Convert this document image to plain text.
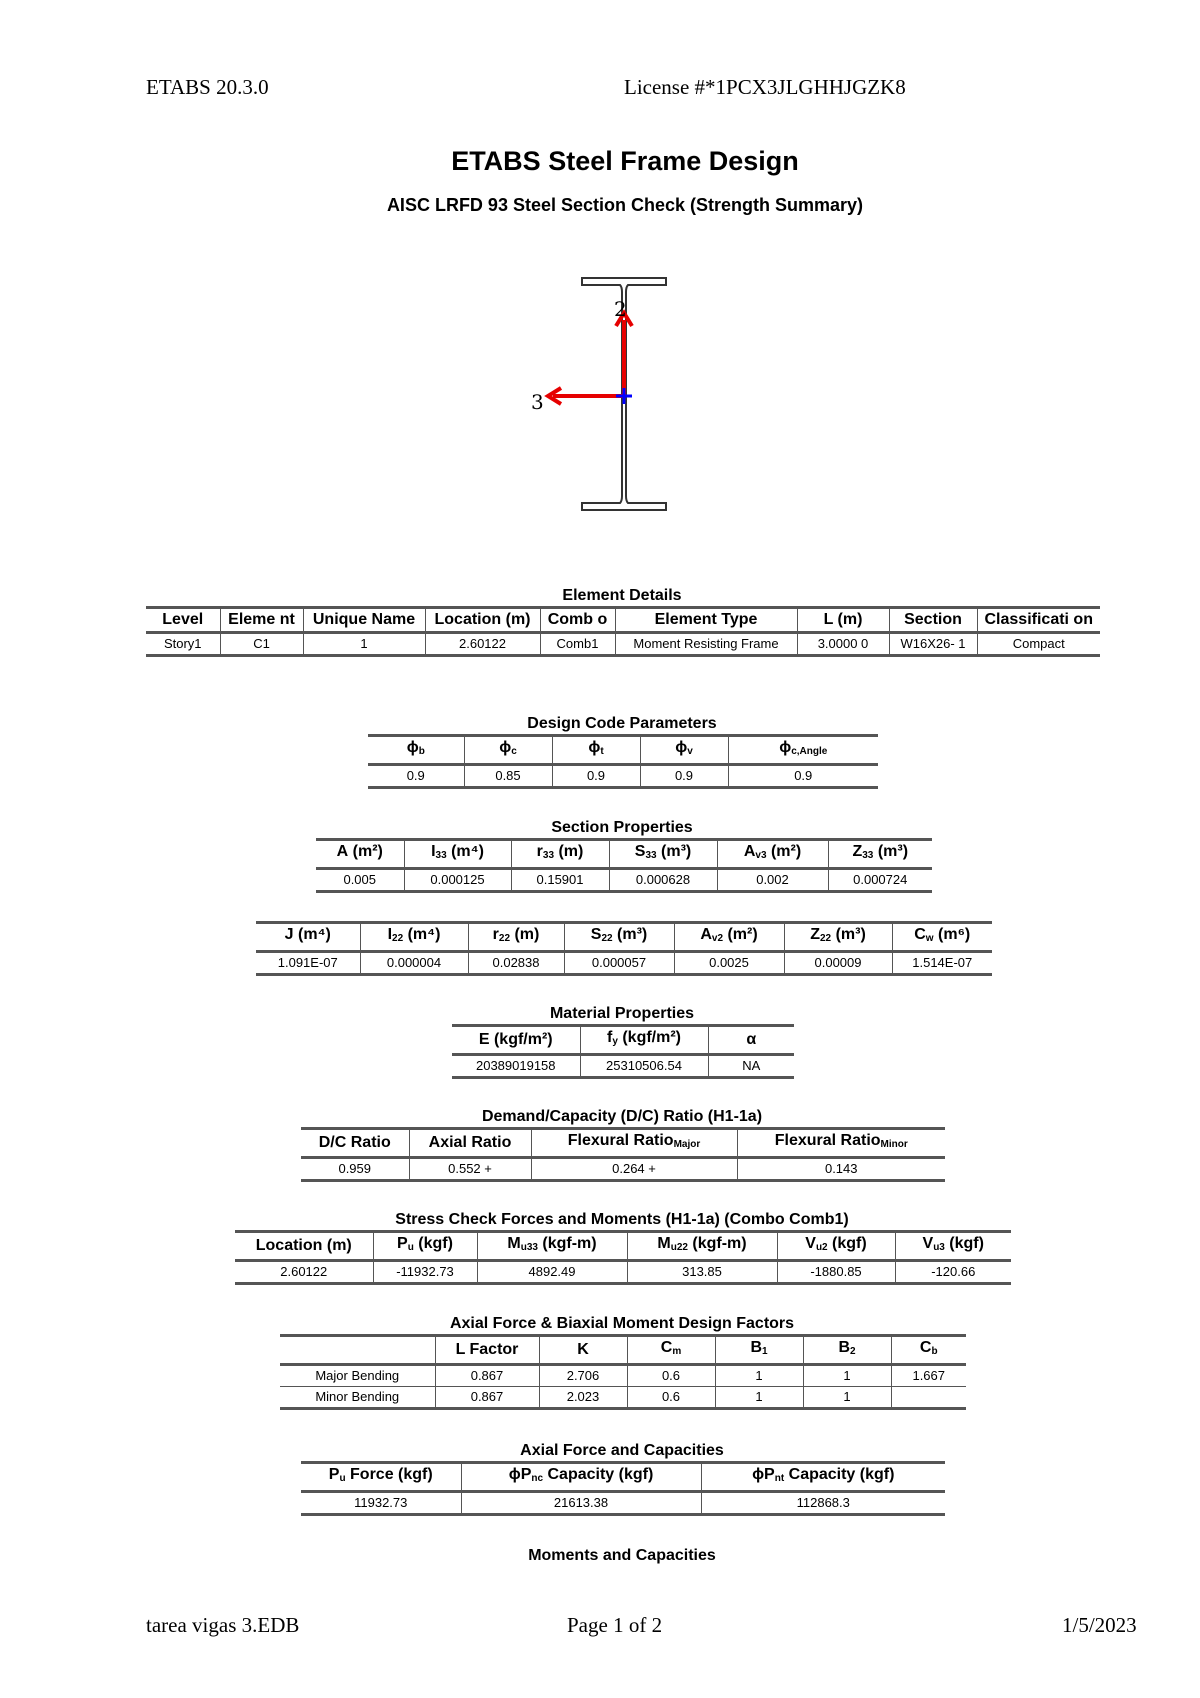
ETABS 20.3.0	License #*1PCX3JLGHHJGZK8
ETABS Steel Frame Design
AISC LRFD 93 Steel Section Check (Strength Summary)
2
3
Element Details
Level	Eleme nt	Unique Name	Location (m)	Comb o	Element Type	L (m)	Section	Classificati on
Story1	C1	1	2.60122	Comb1	Moment Resisting Frame	3.0000 0	W16X26- 1	Compact
Design Code Parameters
$\phi_b$	$\phi_c$	$\phi_t$	$\phi_v$	$\phi_{c,Angle}$
0.9	0.85	0.9	0.9	0.9
Section Properties
A (m²)	$I_{33}$ (m⁴)	$r_{33}$ (m)	$S_{33}$ (m³)	$A_{v3}$ (m²)	$Z_{33}$ (m³)
0.005	0.000125	0.15901	0.000628	0.002	0.000724
J (m⁴)	$I_{22}$ (m⁴)	$r_{22}$ (m)	$S_{22}$ (m³)	$A_{v2}$ (m²)	$Z_{22}$ (m³)	$C_w$ (m⁶)
1.091E-07	0.000004	0.02838	0.000057	0.0025	0.00009	1.514E-07
Material Properties
E (kgf/m²)	$f_y$ (kgf/m²)	α
20389019158	25310506.54	NA
Demand/Capacity (D/C) Ratio (H1-1a)
D/C Ratio	Axial Ratio	Flexural Ratio$_{Major}$	Flexural Ratio$_{Minor}$
0.959	0.552 +	0.264 +	0.143
Stress Check Forces and Moments (H1-1a) (Combo Comb1)
Location (m)	$P_u$ (kgf)	$M_{u33}$ (kgf-m)	$M_{u22}$ (kgf-m)	$V_{u2}$ (kgf)	$V_{u3}$ (kgf)
2.60122	-11932.73	4892.49	313.85	-1880.85	-120.66
Axial Force & Biaxial Moment Design Factors
	L Factor	K	$C_m$	$B_1$	$B_2$	$C_b$
Major Bending	0.867	2.706	0.6	1	1	1.667
Minor Bending	0.867	2.023	0.6	1	1	
Axial Force and Capacities
$P_u$ Force (kgf)	$\phi P_{nc}$ Capacity (kgf)	$\phi P_{nt}$ Capacity (kgf)
11932.73	21613.38	112868.3
Moments and Capacities
tarea vigas 3.EDB	Page 1 of 2	1/5/2023
